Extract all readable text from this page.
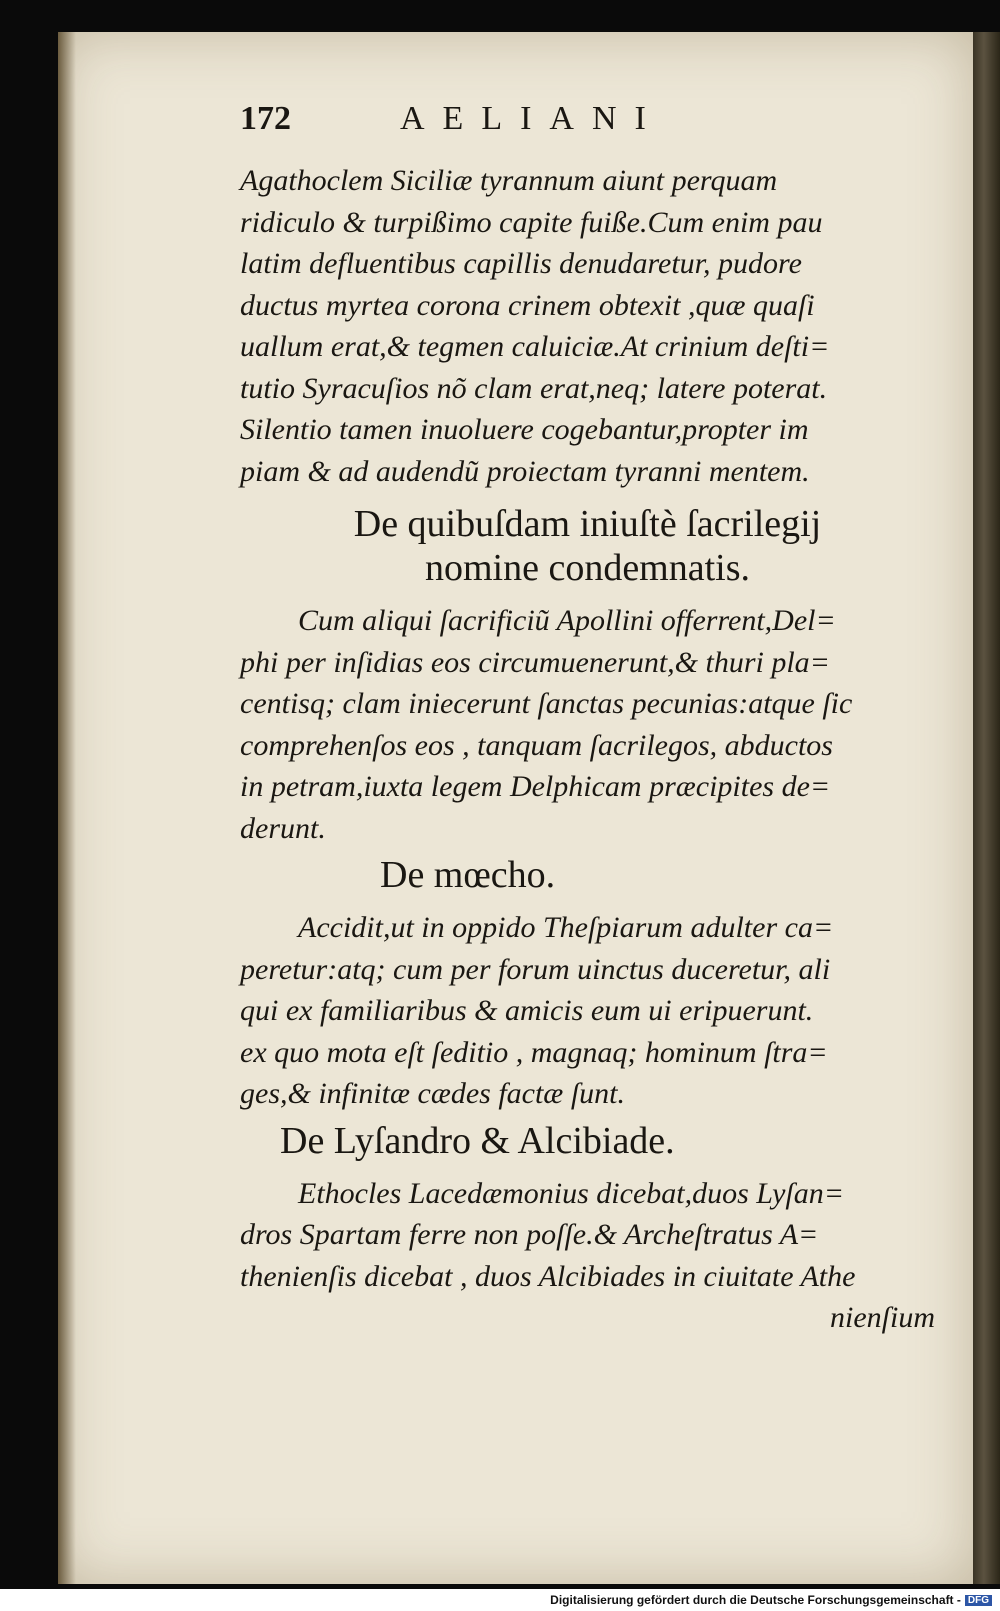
172	AELIANI
Agathoclem Siciliæ tyrannum aiunt perquam
ridiculo & turpißimo capite fuiße.Cum enim pau
latim defluentibus capillis denudaretur, pudore
ductus myrtea corona crinem obtexit ,quæ quaſi
uallum erat,& tegmen caluiciæ.At crinium deſti=
tutio Syracuſios nõ clam erat,neq; latere poterat.
Silentio tamen inuoluere cogebantur,propter im
piam & ad audendũ proiectam tyranni mentem.
De quibuſdam iniuſtè ſacrilegij
nomine condemnatis.
Cum aliqui ſacrificiũ Apollini offerrent,Del=
phi per inſidias eos circumuenerunt,& thuri pla=
centisq; clam iniecerunt ſanctas pecunias:atque ſic
comprehenſos eos , tanquam ſacrilegos, abductos
in petram,iuxta legem Delphicam præcipites de=
derunt.
De mœcho.
Accidit,ut in oppido Theſpiarum adulter ca=
peretur:atq; cum per forum uinctus duceretur, ali
qui ex familiaribus & amicis eum ui eripuerunt.
ex quo mota eſt ſeditio , magnaq; hominum ſtra=
ges,& infinitæ cædes factæ ſunt.
De Lyſandro & Alcibiade.
Ethocles Lacedæmonius dicebat,duos Lyſan=
dros Spartam ferre non poſſe.& Archeſtratus A=
thenienſis dicebat , duos Alcibiades in ciuitate Athe
nienſium
Digitalisierung gefördert durch die Deutsche Forschungsgemeinschaft - DFG
